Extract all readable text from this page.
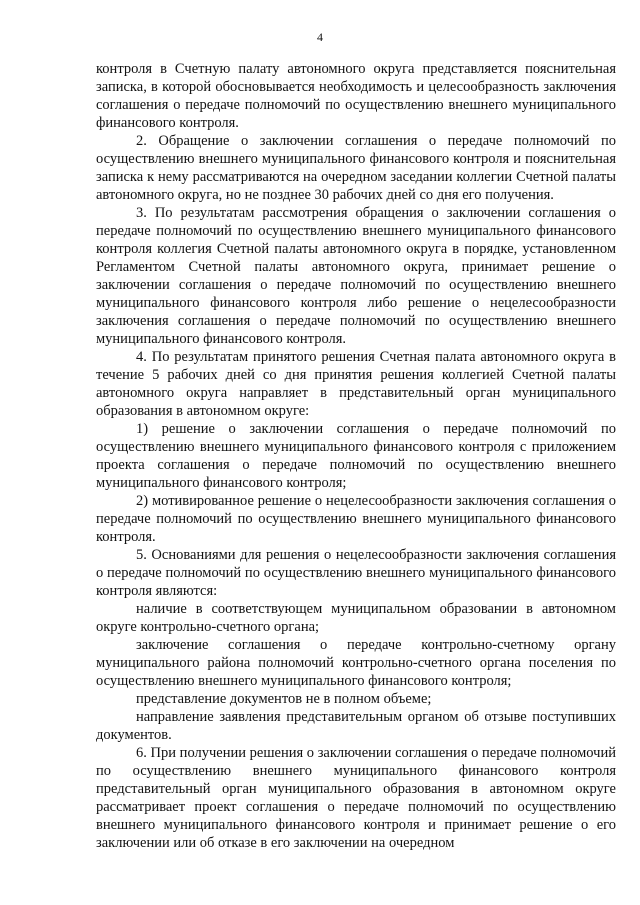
4

контроля в Счетную палату автономного округа представляется пояснительная записка, в которой обосновывается необходимость и целесообразность заключения соглашения о передаче полномочий по осуществлению внешнего муниципального финансового контроля.

2. Обращение о заключении соглашения о передаче полномочий по осуществлению внешнего муниципального финансового контроля и пояснительная записка к нему рассматриваются на очередном заседании коллегии Счетной палаты автономного округа, но не позднее 30 рабочих дней со дня его получения.

3. По результатам рассмотрения обращения о заключении соглашения о передаче полномочий по осуществлению внешнего муниципального финансового контроля коллегия Счетной палаты автономного округа в порядке, установленном Регламентом Счетной палаты автономного округа, принимает решение о заключении соглашения о передаче полномочий по осуществлению внешнего муниципального финансового контроля либо решение о нецелесообразности заключения соглашения о передаче полномочий по осуществлению внешнего муниципального финансового контроля.

4. По результатам принятого решения Счетная палата автономного округа в течение 5 рабочих дней со дня принятия решения коллегией Счетной палаты автономного округа направляет в представительный орган муниципального образования в автономном округе:

1) решение о заключении соглашения о передаче полномочий по осуществлению внешнего муниципального финансового контроля с приложением проекта соглашения о передаче полномочий по осуществлению внешнего муниципального финансового контроля;

2) мотивированное решение о нецелесообразности заключения соглашения о передаче полномочий по осуществлению внешнего муниципального финансового контроля.

5. Основаниями для решения о нецелесообразности заключения соглашения о передаче полномочий по осуществлению внешнего муниципального финансового контроля являются:

наличие в соответствующем муниципальном образовании в автономном округе контрольно-счетного органа;

заключение соглашения о передаче контрольно-счетному органу муниципального района полномочий контрольно-счетного органа поселения по осуществлению внешнего муниципального финансового контроля;

представление документов не в полном объеме;

направление заявления представительным органом об отзыве поступивших документов.

6. При получении решения о заключении соглашения о передаче полномочий по осуществлению внешнего муниципального финансового контроля представительный орган муниципального образования в автономном округе рассматривает проект соглашения о передаче полномочий по осуществлению внешнего муниципального финансового контроля и принимает решение о его заключении или об отказе в его заключении на очередном
